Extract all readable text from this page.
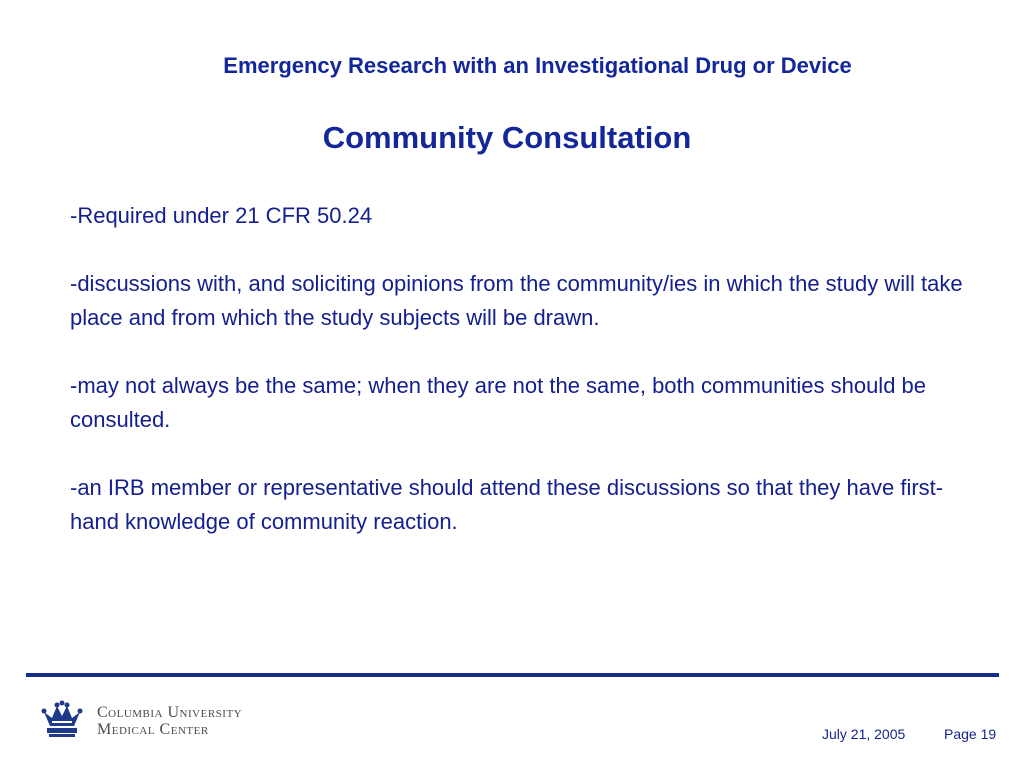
Emergency Research with an Investigational Drug or Device
Community Consultation

-Required under 21 CFR 50.24

-discussions with, and soliciting opinions from the community/ies in which the study will take place and from which the study subjects will be drawn.

-may not always be the same; when they are not the same, both communities should be consulted.

-an IRB member or representative should attend these discussions so that they have first-hand knowledge of community reaction.

Columbia University
Medical Center	July 21, 2005	Page 19
